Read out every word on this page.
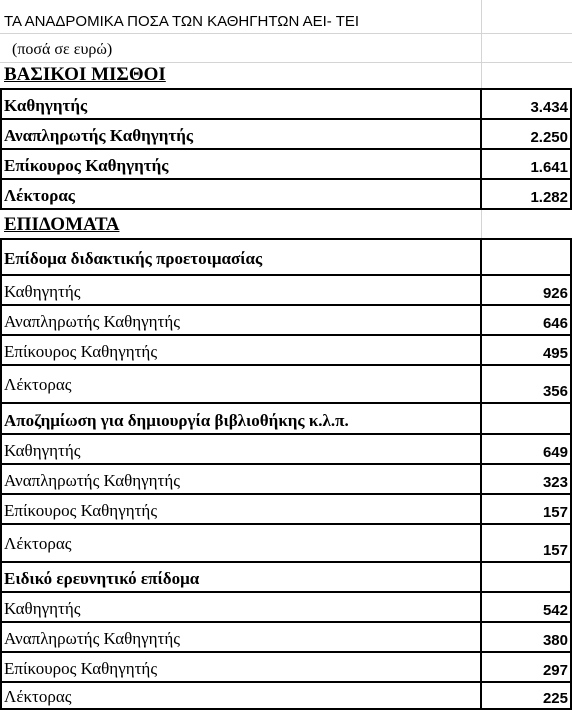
ΤΑ ΑΝΑΔΡΟΜΙΚΑ ΠΟΣΑ ΤΩΝ ΚΑΘΗΓΗΤΩΝ ΑΕΙ- ΤΕΙ
(ποσά σε ευρώ)
ΒΑΣΙΚΟΙ ΜΙΣΘΟΙ
Καθηγητής	3.434
Αναπληρωτής Καθηγητής	2.250
Επίκουρος Καθηγητής	1.641
Λέκτορας	1.282
ΕΠΙΔΟΜΑΤΑ
Επίδομα διδακτικής προετοιμασίας
Καθηγητής	926
Αναπληρωτής Καθηγητής	646
Επίκουρος Καθηγητής	495
Λέκτορας	356
Αποζημίωση για δημιουργία βιβλιοθήκης κ.λ.π.
Καθηγητής	649
Αναπληρωτής Καθηγητής	323
Επίκουρος Καθηγητής	157
Λέκτορας	157
Ειδικό ερευνητικό επίδομα
Καθηγητής	542
Αναπληρωτής Καθηγητής	380
Επίκουρος Καθηγητής	297
Λέκτορας	225
